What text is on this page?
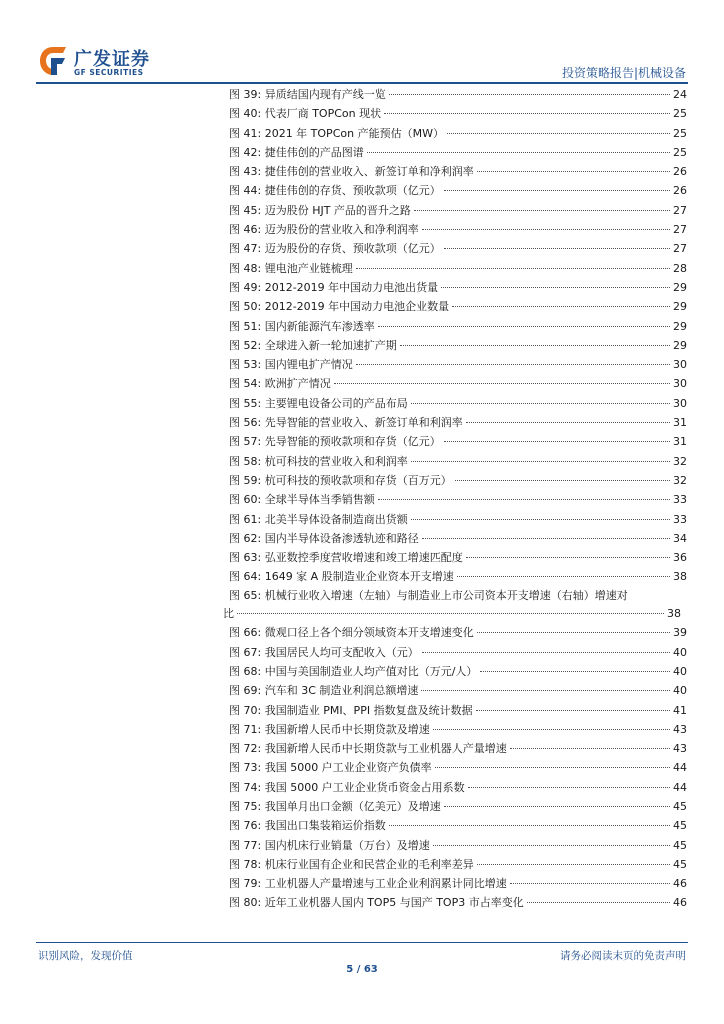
广发证券
GF SECURITIES	投资策略报告|机械设备
图 39: 异质结国内现有产线一览	24
图 40: 代表厂商 TOPCon 现状	25
图 41: 2021 年 TOPCon 产能预估（MW）	25
图 42: 捷佳伟创的产品图谱	25
图 43: 捷佳伟创的营业收入、新签订单和净利润率	26
图 44: 捷佳伟创的存货、预收款项（亿元）	26
图 45: 迈为股份 HJT 产品的晋升之路	27
图 46: 迈为股份的营业收入和净利润率	27
图 47: 迈为股份的存货、预收款项（亿元）	27
图 48: 锂电池产业链梳理	28
图 49: 2012-2019 年中国动力电池出货量	29
图 50: 2012-2019 年中国动力电池企业数量	29
图 51: 国内新能源汽车渗透率	29
图 52: 全球进入新一轮加速扩产期	29
图 53: 国内锂电扩产情况	30
图 54: 欧洲扩产情况	30
图 55: 主要锂电设备公司的产品布局	30
图 56: 先导智能的营业收入、新签订单和利润率	31
图 57: 先导智能的预收款项和存货（亿元）	31
图 58: 杭可科技的营业收入和利润率	32
图 59: 杭可科技的预收款项和存货（百万元）	32
图 60: 全球半导体当季销售额	33
图 61: 北美半导体设备制造商出货额	33
图 62: 国内半导体设备渗透轨迹和路径	34
图 63: 弘亚数控季度营收增速和竣工增速匹配度	36
图 64: 1649 家 A 股制造业企业资本开支增速	38
图 65: 机械行业收入增速（左轴）与制造业上市公司资本开支增速（右轴）增速对
比	38
图 66: 微观口径上各个细分领域资本开支增速变化	39
图 67: 我国居民人均可支配收入（元）	40
图 68: 中国与美国制造业人均产值对比（万元/人）	40
图 69: 汽车和 3C 制造业利润总额增速	40
图 70: 我国制造业 PMI、PPI 指数复盘及统计数据	41
图 71: 我国新增人民币中长期贷款及增速	43
图 72: 我国新增人民币中长期贷款与工业机器人产量增速	43
图 73: 我国 5000 户工业企业资产负债率	44
图 74: 我国 5000 户工业企业货币资金占用系数	44
图 75: 我国单月出口金额（亿美元）及增速	45
图 76: 我国出口集装箱运价指数	45
图 77: 国内机床行业销量（万台）及增速	45
图 78: 机床行业国有企业和民营企业的毛利率差异	45
图 79: 工业机器人产量增速与工业企业利润累计同比增速	46
图 80: 近年工业机器人国内 TOP5 与国产 TOP3 市占率变化	46
识别风险，发现价值	请务必阅读末页的免责声明
5 / 63
